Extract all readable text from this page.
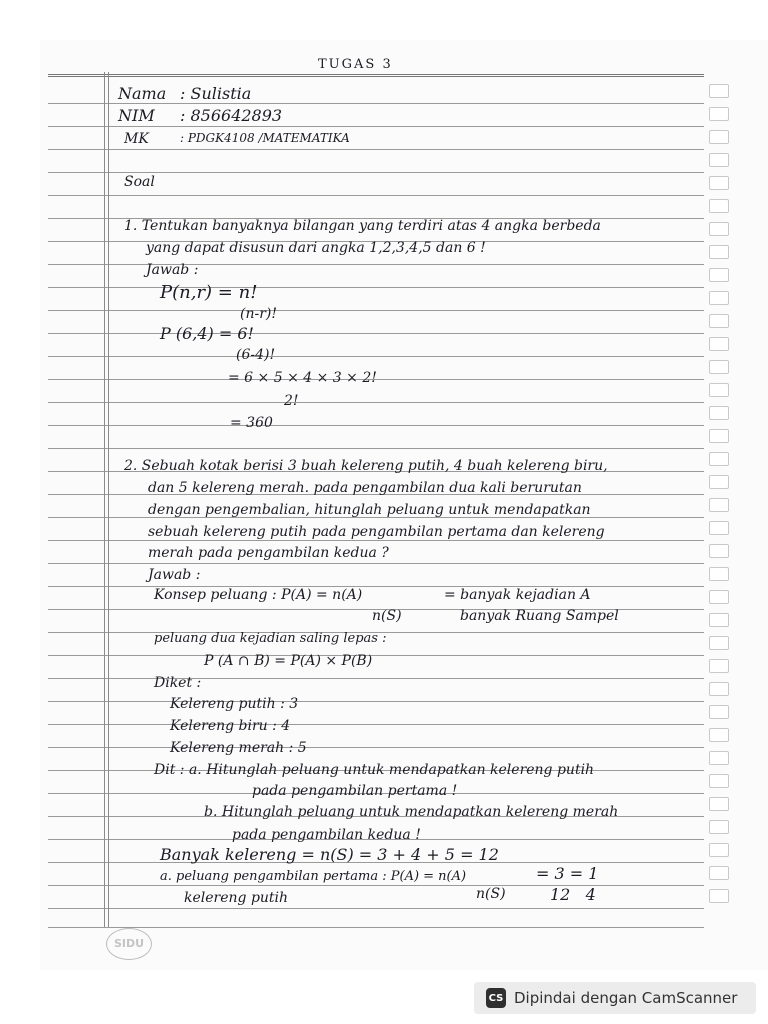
TUGAS 3
Nama : Sulistia
NIM : 856642893
MK	: PDGK4108 /MATEMATIKA
Soal
1. Tentukan banyaknya bilangan yang terdiri atas 4 angka berbeda
yang dapat disusun dari angka 1,2,3,4,5 dan 6 !
Jawab :
P(n,r) = n!
(n-r)!
P (6,4) = 6!
(6-4)!
= 6 × 5 × 4 × 3 × 2!
2!
= 360
2. Sebuah kotak berisi 3 buah kelereng putih, 4 buah kelereng biru,
dan 5 kelereng merah. pada pengambilan dua kali berurutan
dengan pengembalian, hitunglah peluang untuk mendapatkan
sebuah kelereng putih pada pengambilan pertama dan kelereng
merah pada pengambilan kedua ?
Jawab :
Konsep peluang : P(A) = n(A)
n(S)
= banyak kejadian A
banyak Ruang Sampel
peluang dua kejadian saling lepas :
P (A ∩ B) = P(A) × P(B)
Diket :
Kelereng putih : 3
Kelereng biru : 4
Kelereng merah : 5
Dit : a. Hitunglah peluang untuk mendapatkan kelereng putih
pada pengambilan pertama !
b. Hitunglah peluang untuk mendapatkan kelereng merah
pada pengambilan kedua !
Banyak kelereng = n(S) = 3 + 4 + 5 = 12
a. peluang pengambilan pertama : P(A) = n(A)
n(S)
= 3 = 1
12   4
kelereng putih
SIDU
CS Dipindai dengan CamScanner
